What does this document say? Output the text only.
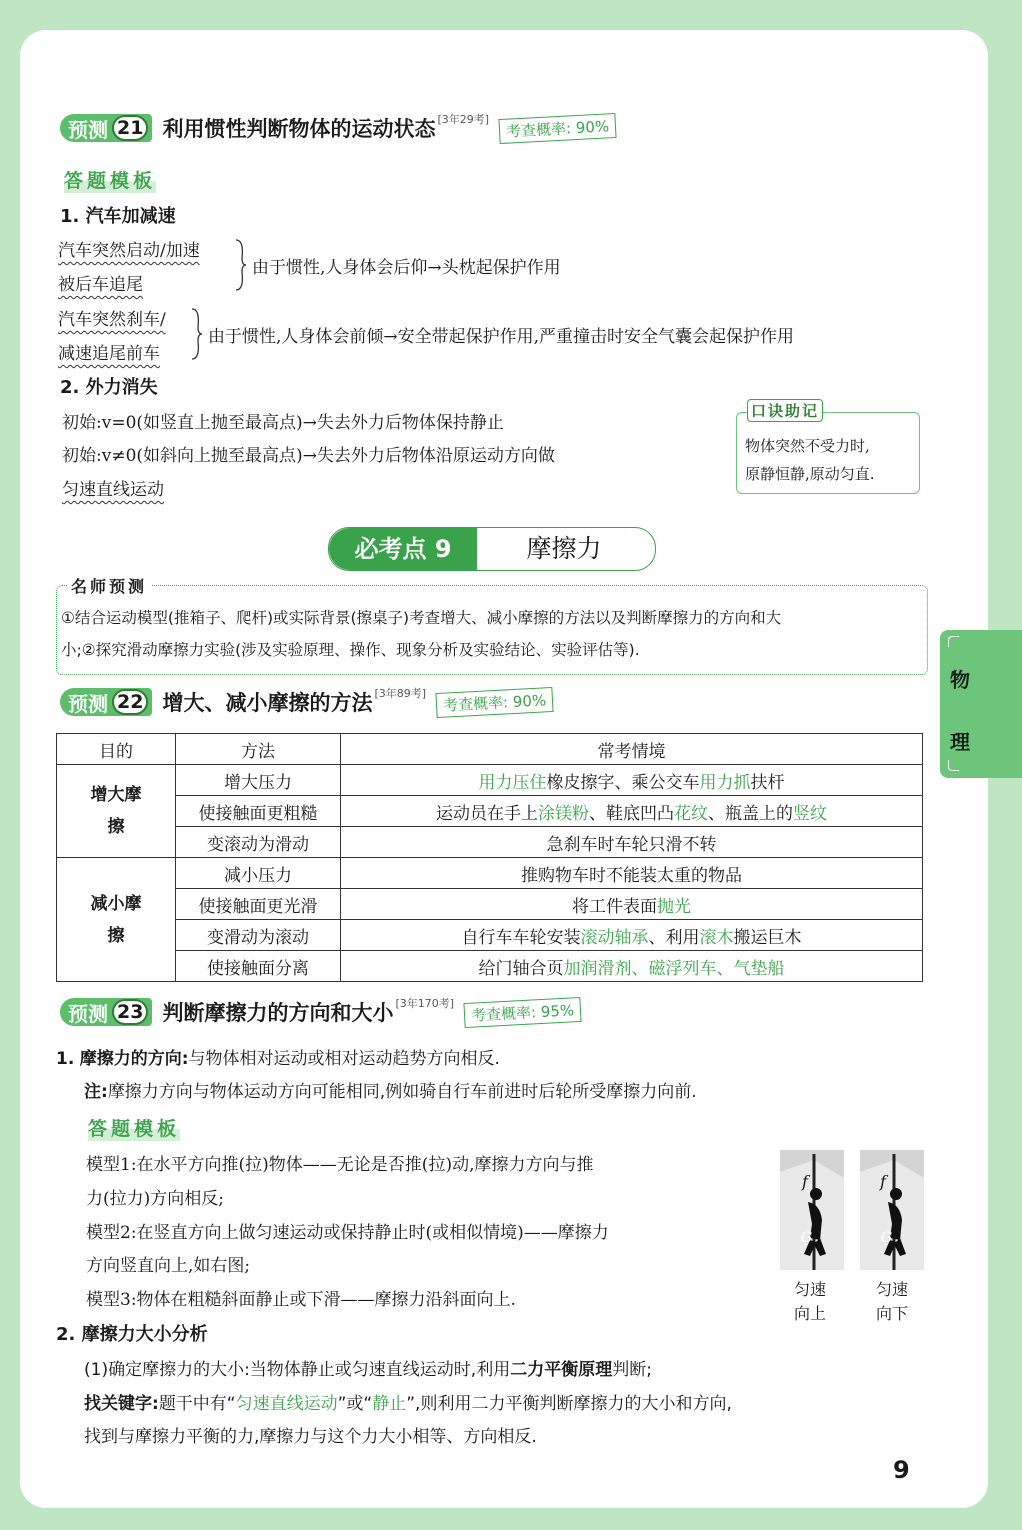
预测 21 利用惯性判断物体的运动状态 [3年29考]	考查概率: 90%
答题模板
1. 汽车加减速
汽车突然启动/加速
被后车追尾
由于惯性,人身体会后仰→头枕起保护作用
汽车突然刹车/
减速追尾前车
由于惯性,人身体会前倾→安全带起保护作用,严重撞击时安全气囊会起保护作用
2. 外力消失
初始:v=0(如竖直上抛至最高点)→失去外力后物体保持静止
初始:v≠0(如斜向上抛至最高点)→失去外力后物体沿原运动方向做
匀速直线运动
口诀助记
物体突然不受力时,
原静恒静,原动匀直.
必考点 9	摩擦力
名师预测
①结合运动模型(推箱子、爬杆)或实际背景(擦桌子)考查增大、减小摩擦的方法以及判断摩擦力的方向和大
小;②探究滑动摩擦力实验(涉及实验原理、操作、现象分析及实验结论、实验评估等).
预测 22 增大、减小摩擦的方法 [3年89考]	考查概率: 90%
目的	方法	常考情境
增大摩擦	增大压力	用力压住橡皮擦字、乘公交车用力抓扶杆
	使接触面更粗糙	运动员在手上涂镁粉、鞋底凹凸花纹、瓶盖上的竖纹
	变滚动为滑动	急刹车时车轮只滑不转
减小摩擦	减小压力	推购物车时不能装太重的物品
	使接触面更光滑	将工件表面抛光
	变滑动为滚动	自行车车轮安装滚动轴承、利用滚木搬运巨木
	使接触面分离	给门轴合页加润滑剂、磁浮列车、气垫船
预测 23 判断摩擦力的方向和大小 [3年170考]	考查概率: 95%
1. 摩擦力的方向:与物体相对运动或相对运动趋势方向相反.
注:摩擦力方向与物体运动方向可能相同,例如骑自行车前进时后轮所受摩擦力向前.
答题模板
模型1:在水平方向推(拉)物体——无论是否推(拉)动,摩擦力方向与推
力(拉力)方向相反;
模型2:在竖直方向上做匀速运动或保持静止时(或相似情境)——摩擦力
方向竖直向上,如右图;
模型3:物体在粗糙斜面静止或下滑——摩擦力沿斜面向上.
f
G
f
G
匀速
向上
匀速
向下
2. 摩擦力大小分析
(1)确定摩擦力的大小:当物体静止或匀速直线运动时,利用二力平衡原理判断;
找关键字:题干中有“匀速直线运动”或“静止”,则利用二力平衡判断摩擦力的大小和方向,
找到与摩擦力平衡的力,摩擦力与这个力大小相等、方向相反.
物
理
9
